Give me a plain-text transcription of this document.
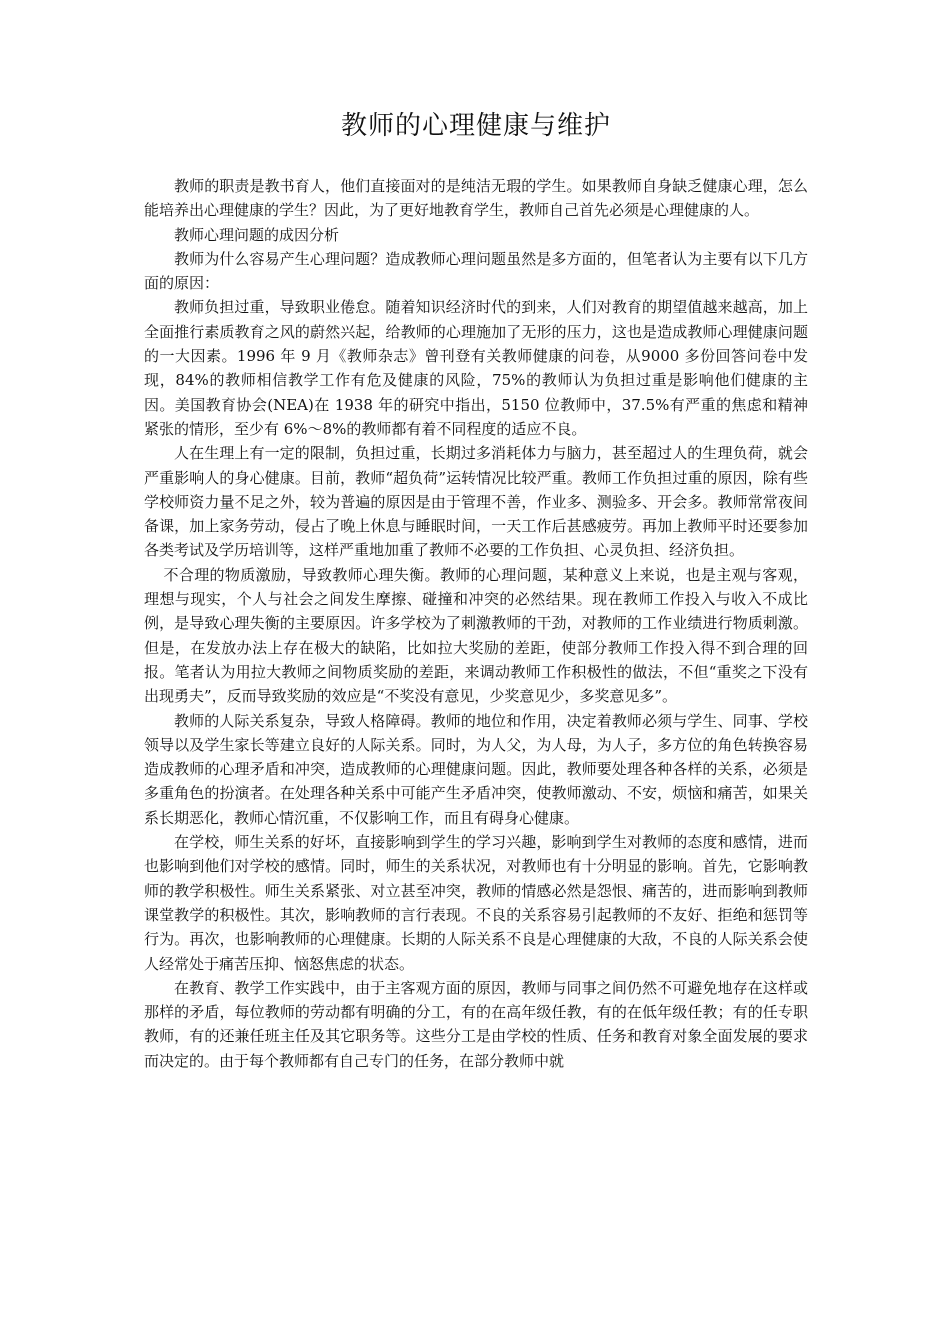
教师的心理健康与维护

教师的职责是教书育人，他们直接面对的是纯洁无瑕的学生。如果教师自身缺乏健康心理，怎么能培养出心理健康的学生？因此，为了更好地教育学生，教师自己首先必须是心理健康的人。

教师心理问题的成因分析

教师为什么容易产生心理问题？造成教师心理问题虽然是多方面的，但笔者认为主要有以下几方面的原因：

教师负担过重，导致职业倦怠。随着知识经济时代的到来，人们对教育的期望值越来越高，加上全面推行素质教育之风的蔚然兴起，给教师的心理施加了无形的压力，这也是造成教师心理健康问题的一大因素。1996 年 9 月《教师杂志》曾刊登有关教师健康的问卷，从9000 多份回答问卷中发现，84%的教师相信教学工作有危及健康的风险，75%的教师认为负担过重是影响他们健康的主因。美国教育协会(NEA)在 1938 年的研究中指出，5150 位教师中，37.5%有严重的焦虑和精神紧张的情形，至少有 6%～8%的教师都有着不同程度的适应不良。

人在生理上有一定的限制，负担过重，长期过多消耗体力与脑力，甚至超过人的生理负荷，就会严重影响人的身心健康。目前，教师“超负荷”运转情况比较严重。教师工作负担过重的原因，除有些学校师资力量不足之外，较为普遍的原因是由于管理不善，作业多、测验多、开会多。教师常常夜间备课，加上家务劳动，侵占了晚上休息与睡眠时间，一天工作后甚感疲劳。再加上教师平时还要参加各类考试及学历培训等，这样严重地加重了教师不必要的工作负担、心灵负担、经济负担。

不合理的物质激励，导致教师心理失衡。教师的心理问题，某种意义上来说，也是主观与客观，理想与现实，个人与社会之间发生摩擦、碰撞和冲突的必然结果。现在教师工作投入与收入不成比例，是导致心理失衡的主要原因。许多学校为了刺激教师的干劲，对教师的工作业绩进行物质刺激。但是，在发放办法上存在极大的缺陷，比如拉大奖励的差距，使部分教师工作投入得不到合理的回报。笔者认为用拉大教师之间物质奖励的差距，来调动教师工作积极性的做法，不但“重奖之下没有出现勇夫”，反而导致奖励的效应是“不奖没有意见，少奖意见少，多奖意见多”。

教师的人际关系复杂，导致人格障碍。教师的地位和作用，决定着教师必须与学生、同事、学校领导以及学生家长等建立良好的人际关系。同时，为人父，为人母，为人子，多方位的角色转换容易造成教师的心理矛盾和冲突，造成教师的心理健康问题。因此，教师要处理各种各样的关系，必须是多重角色的扮演者。在处理各种关系中可能产生矛盾冲突，使教师激动、不安，烦恼和痛苦，如果关系长期恶化，教师心情沉重，不仅影响工作，而且有碍身心健康。

在学校，师生关系的好坏，直接影响到学生的学习兴趣，影响到学生对教师的态度和感情，进而也影响到他们对学校的感情。同时，师生的关系状况，对教师也有十分明显的影响。首先，它影响教师的教学积极性。师生关系紧张、对立甚至冲突，教师的情感必然是怨恨、痛苦的，进而影响到教师课堂教学的积极性。其次，影响教师的言行表现。不良的关系容易引起教师的不友好、拒绝和惩罚等行为。再次，也影响教师的心理健康。长期的人际关系不良是心理健康的大敌，不良的人际关系会使人经常处于痛苦压抑、恼怒焦虑的状态。

在教育、教学工作实践中，由于主客观方面的原因，教师与同事之间仍然不可避免地存在这样或那样的矛盾，每位教师的劳动都有明确的分工，有的在高年级任教，有的在低年级任教；有的任专职教师，有的还兼任班主任及其它职务等。这些分工是由学校的性质、任务和教育对象全面发展的要求而决定的。由于每个教师都有自己专门的任务，在部分教师中就
